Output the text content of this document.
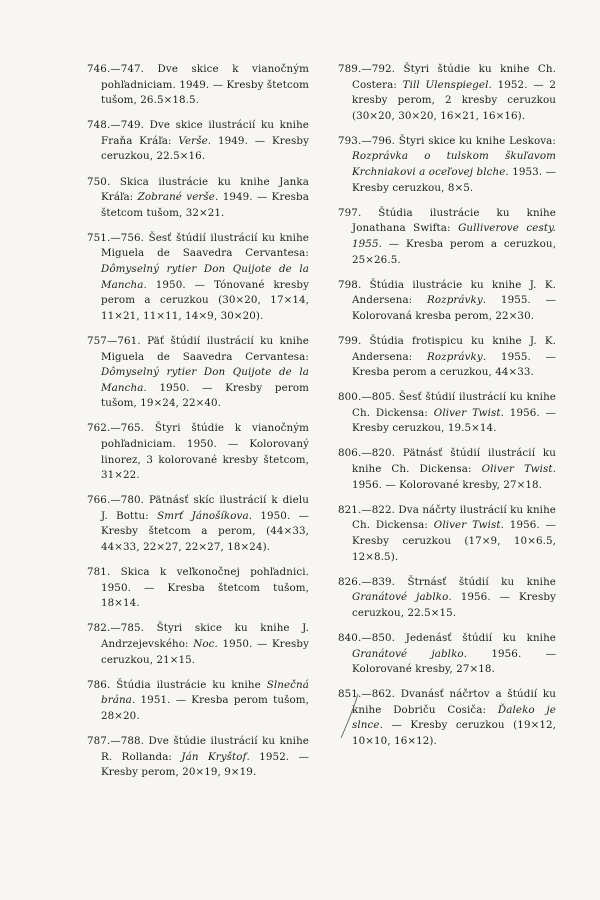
746.—747. Dve skice k vianočným pohľadniciam. 1949. — Kresby štetcom tušom, 26.5×18.5.

748.—749. Dve skice ilustrácií ku knihe Fraňa Kráľa: Verše. 1949. — Kresby ceruzkou, 22.5×16.

750. Skica ilustrácie ku knihe Janka Kráľa: Zobrané verše. 1949. — Kresba štetcom tušom, 32×21.

751.—756. Šesť štúdií ilustrácií ku knihe Miguela de Saavedra Cervantesa: Dômyselný rytier Don Quijote de la Mancha. 1950. — Tónované kresby perom a ceruzkou (30×20, 17×14, 11×21, 11×11, 14×9, 30×20).

757—761. Päť štúdií ilustrácií ku knihe Miguela de Saavedra Cervantesa: Dômyselný rytier Don Quijote de la Mancha. 1950. — Kresby perom tušom, 19×24, 22×40.

762.—765. Štyri štúdie k vianočným pohľadniciam. 1950. — Kolorovaný linorez, 3 kolorované kresby štetcom, 31×22.

766.—780. Pätnásť skíc ilustrácií k dielu J. Bottu: Smrť Jánošíkova. 1950. — Kresby štetcom a perom, (44×33, 44×33, 22×27, 22×27, 18×24).

781. Skica k veľkonočnej pohľadnici. 1950. — Kresba štetcom tušom, 18×14.

782.—785. Štyri skice ku knihe J. Andrzejevského: Noc. 1950. — Kresby ceruzkou, 21×15.

786. Štúdia ilustrácie ku knihe Slnečná brána. 1951. — Kresba perom tušom, 28×20.

787.—788. Dve štúdie ilustrácií ku knihe R. Rollanda: Ján Kryštof. 1952. — Kresby perom, 20×19, 9×19.

789.—792. Štyri štúdie ku knihe Ch. Costera: Till Ulenspiegel. 1952. — 2 kresby perom, 2 kresby ceruzkou (30×20, 30×20, 16×21, 16×16).

793.—796. Štyri skice ku knihe Leskova: Rozprávka o tulskom škuľavom Krchniakovi a oceľovej blche. 1953. — Kresby ceruzkou, 8×5.

797. Štúdia ilustrácie ku knihe Jonathana Swifta: Gulliverove cesty. 1955. — Kresba perom a ceruzkou, 25×26.5.

798. Štúdia ilustrácie ku knihe J. K. Andersena: Rozprávky. 1955. — Kolorovaná kresba perom, 22×30.

799. Štúdia frotispicu ku knihe J. K. Andersena: Rozprávky. 1955. — Kresba perom a ceruzkou, 44×33.

800.—805. Šesť štúdií ilustrácií ku knihe Ch. Dickensa: Oliver Twist. 1956. — Kresby ceruzkou, 19.5×14.

806.—820. Pätnásť štúdií ilustrácií ku knihe Ch. Dickensa: Oliver Twist. 1956. — Kolorované kresby, 27×18.

821.—822. Dva náčrty ilustrácií ku knihe Ch. Dickensa: Oliver Twist. 1956. — Kresby ceruzkou (17×9, 10×6.5, 12×8.5).

826.—839. Štrnásť štúdií ku knihe Granátové jablko. 1956. — Kresby ceruzkou, 22.5×15.

840.—850. Jedenásť štúdií ku knihe Granátové jablko. 1956. — Kolorované kresby, 27×18.

851.—862. Dvanásť náčrtov a štúdií ku knihe Dobriču Cosiča: Ďaleko je slnce. — Kresby ceruzkou (19×12, 10×10, 16×12).
